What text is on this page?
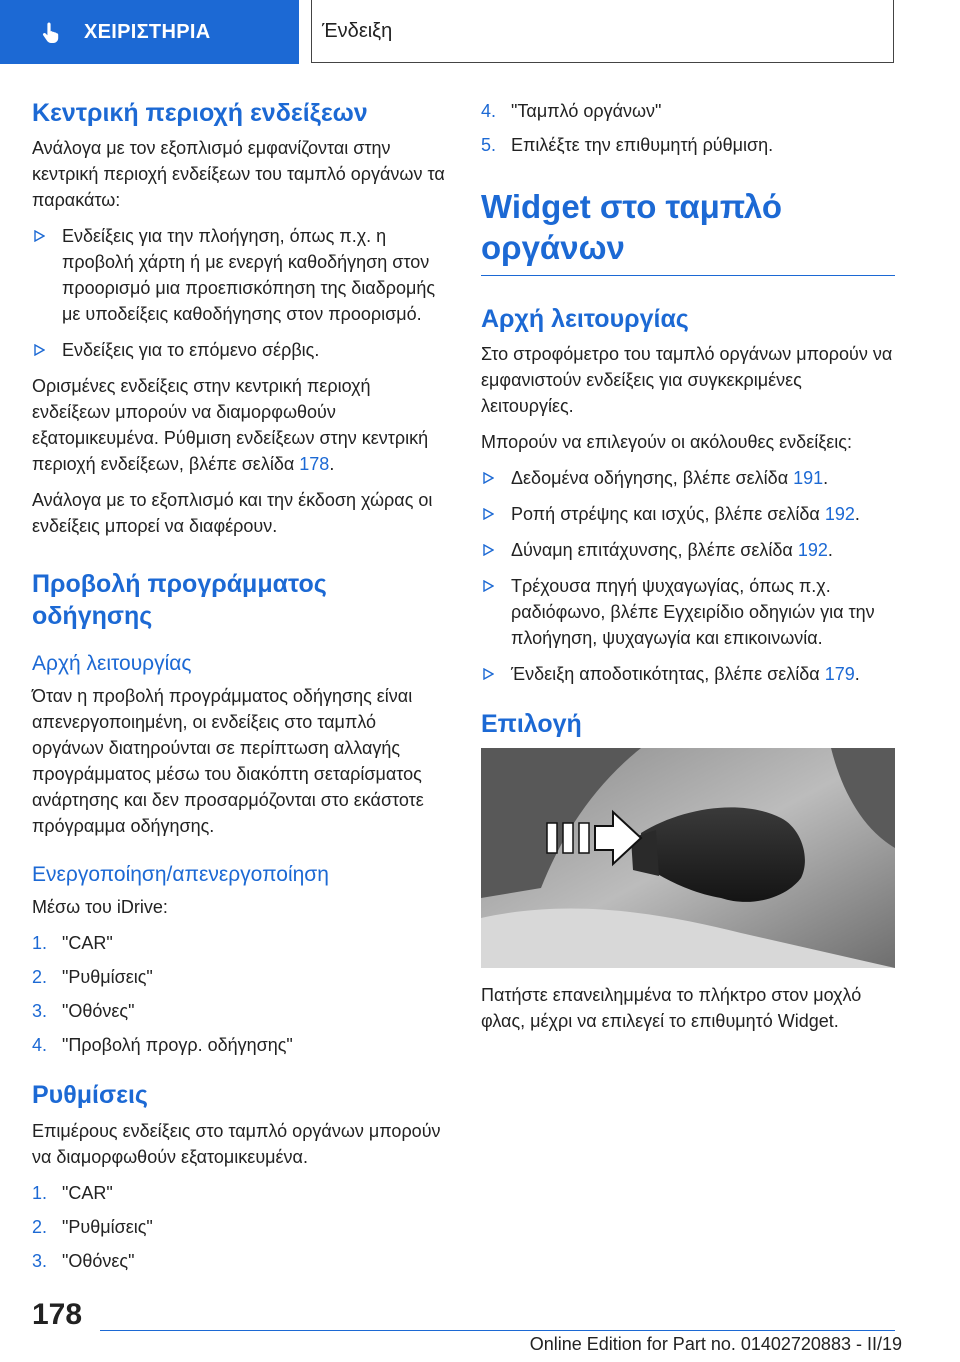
ΧΕΙΡΙΣΤΗΡΙΑ	Ένδειξη
Κεντρική περιοχή ενδείξεων

Ανάλογα με τον εξοπλισμό εμφανίζονται στην κεντρική περιοχή ενδείξεων του ταμπλό οργάνων τα παρακάτω:

Ενδείξεις για την πλοήγηση, όπως π.χ. η προβολή χάρτη ή με ενεργή καθοδήγηση στον προορισμό μια προεπισκόπηση της διαδρομής με υποδείξεις καθοδήγησης στον προορισμό.
Ενδείξεις για το επόμενο σέρβις.

Ορισμένες ενδείξεις στην κεντρική περιοχή ενδείξεων μπορούν να διαμορφωθούν εξατομικευμένα. Ρύθμιση ενδείξεων στην κεντρική περιοχή ενδείξεων, βλέπε σελίδα 178.

Ανάλογα με το εξοπλισμό και την έκδοση χώρας οι ενδείξεις μπορεί να διαφέρουν.

Προβολή προγράμματος οδήγησης
Αρχή λειτουργίας

Όταν η προβολή προγράμματος οδήγησης είναι απενεργοποιημένη, οι ενδείξεις στο ταμπλό οργάνων διατηρούνται σε περίπτωση αλλαγής προγράμματος μέσω του διακόπτη σεταρίσματος ανάρτησης και δεν προσαρμόζονται στο εκάστοτε πρόγραμμα οδήγησης.

Ενεργοποίηση/απενεργοποίηση

Μέσω του iDrive:

1. "CAR"
2. "Ρυθμίσεις"
3. "Οθόνες"
4. "Προβολή προγρ. οδήγησης"
Ρυθμίσεις

Επιμέρους ενδείξεις στο ταμπλό οργάνων μπορούν να διαμορφωθούν εξατομικευμένα.

1. "CAR"
2. "Ρυθμίσεις"
3. "Οθόνες"
4. "Ταμπλό οργάνων"
5. Επιλέξτε την επιθυμητή ρύθμιση.
Widget στο ταμπλό οργάνων
Αρχή λειτουργίας

Στο στροφόμετρο του ταμπλό οργάνων μπορούν να εμφανιστούν ενδείξεις για συγκεκριμένες λειτουργίες.

Μπορούν να επιλεγούν οι ακόλουθες ενδείξεις:

Δεδομένα οδήγησης, βλέπε σελίδα 191.
Ροπή στρέψης και ισχύς, βλέπε σελίδα 192.
Δύναμη επιτάχυνσης, βλέπε σελίδα 192.
Τρέχουσα πηγή ψυχαγωγίας, όπως π.χ. ραδιόφωνο, βλέπε Εγχειρίδιο οδηγιών για την πλοήγηση, ψυχαγωγία και επικοινωνία.
Ένδειξη αποδοτικότητας, βλέπε σελίδα 179.
Επιλογή

Πατήστε επανειλημμένα το πλήκτρο στον μοχλό φλας, μέχρι να επιλεγεί το επιθυμητό Widget.

178
Online Edition for Part no. 01402720883 - II/19
